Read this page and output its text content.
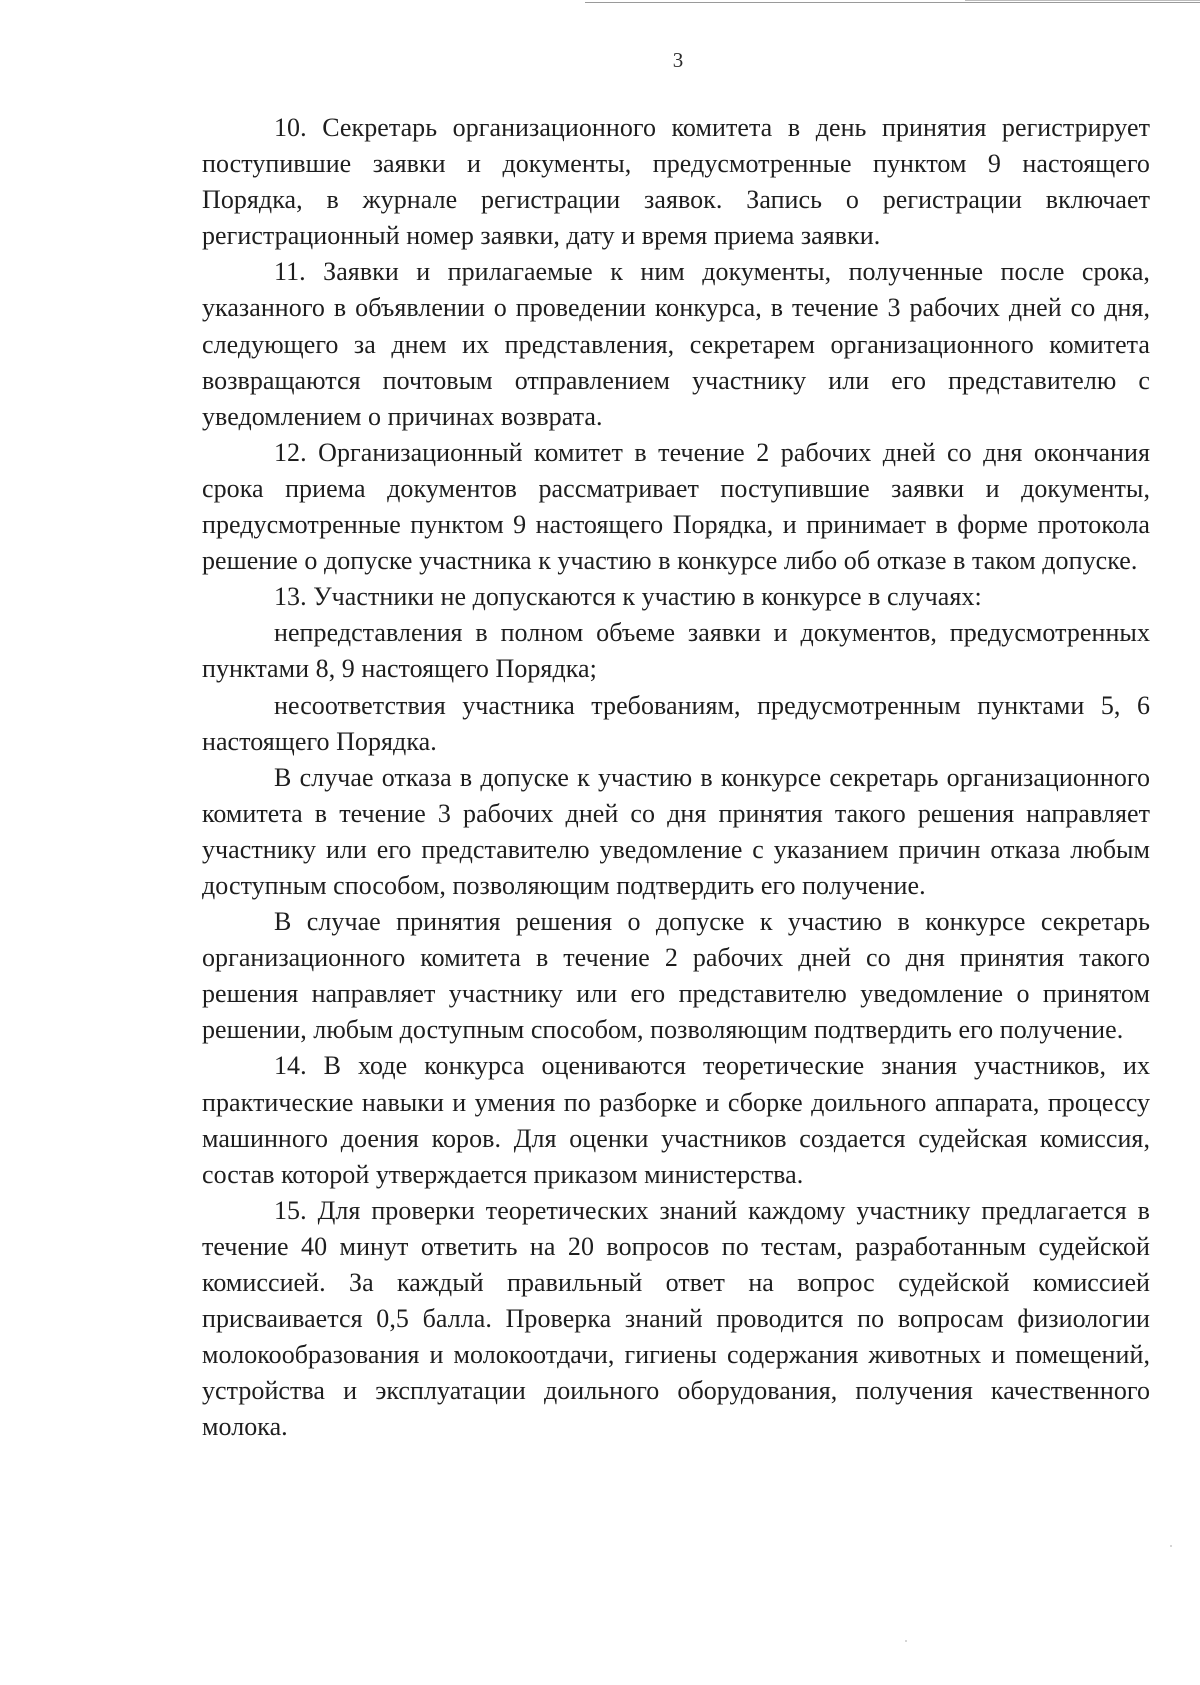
3

10. Секретарь организационного комитета в день принятия регистрирует поступившие заявки и документы, предусмотренные пунктом 9 настоящего Порядка, в журнале регистрации заявок. Запись о регистрации включает регистрационный номер заявки, дату и время приема заявки.

11. Заявки и прилагаемые к ним документы, полученные после срока, указанного в объявлении о проведении конкурса, в течение 3 рабочих дней со дня, следующего за днем их представления, секретарем организационного комитета возвращаются почтовым отправлением участнику или его представителю с уведомлением о причинах возврата.

12. Организационный комитет в течение 2 рабочих дней со дня окончания срока приема документов рассматривает поступившие заявки и документы, предусмотренные пунктом 9 настоящего Порядка, и принимает в форме протокола решение о допуске участника к участию в конкурсе либо об отказе в таком допуске.

13. Участники не допускаются к участию в конкурсе в случаях:

непредставления в полном объеме заявки и документов, предусмотренных пунктами 8, 9 настоящего Порядка;

несоответствия участника требованиям, предусмотренным пунктами 5, 6 настоящего Порядка.

В случае отказа в допуске к участию в конкурсе секретарь организационного комитета в течение 3 рабочих дней со дня принятия такого решения направляет участнику или его представителю уведомление с указанием причин отказа любым доступным способом, позволяющим подтвердить его получение.

В случае принятия решения о допуске к участию в конкурсе секретарь организационного комитета в течение 2 рабочих дней со дня принятия такого решения направляет участнику или его представителю уведомление о принятом решении, любым доступным способом, позволяющим подтвердить его получение.

14. В ходе конкурса оцениваются теоретические знания участников, их практические навыки и умения по разборке и сборке доильного аппарата, процессу машинного доения коров. Для оценки участников создается судейская комиссия, состав которой утверждается приказом министерства.

15. Для проверки теоретических знаний каждому участнику предлагается в течение 40 минут ответить на 20 вопросов по тестам, разработанным судейской комиссией. За каждый правильный ответ на вопрос судейской комиссией присваивается 0,5 балла. Проверка знаний проводится по вопросам физиологии молокообразования и молокоотдачи, гигиены содержания животных и помещений, устройства и эксплуатации доильного оборудования, получения качественного молока.
